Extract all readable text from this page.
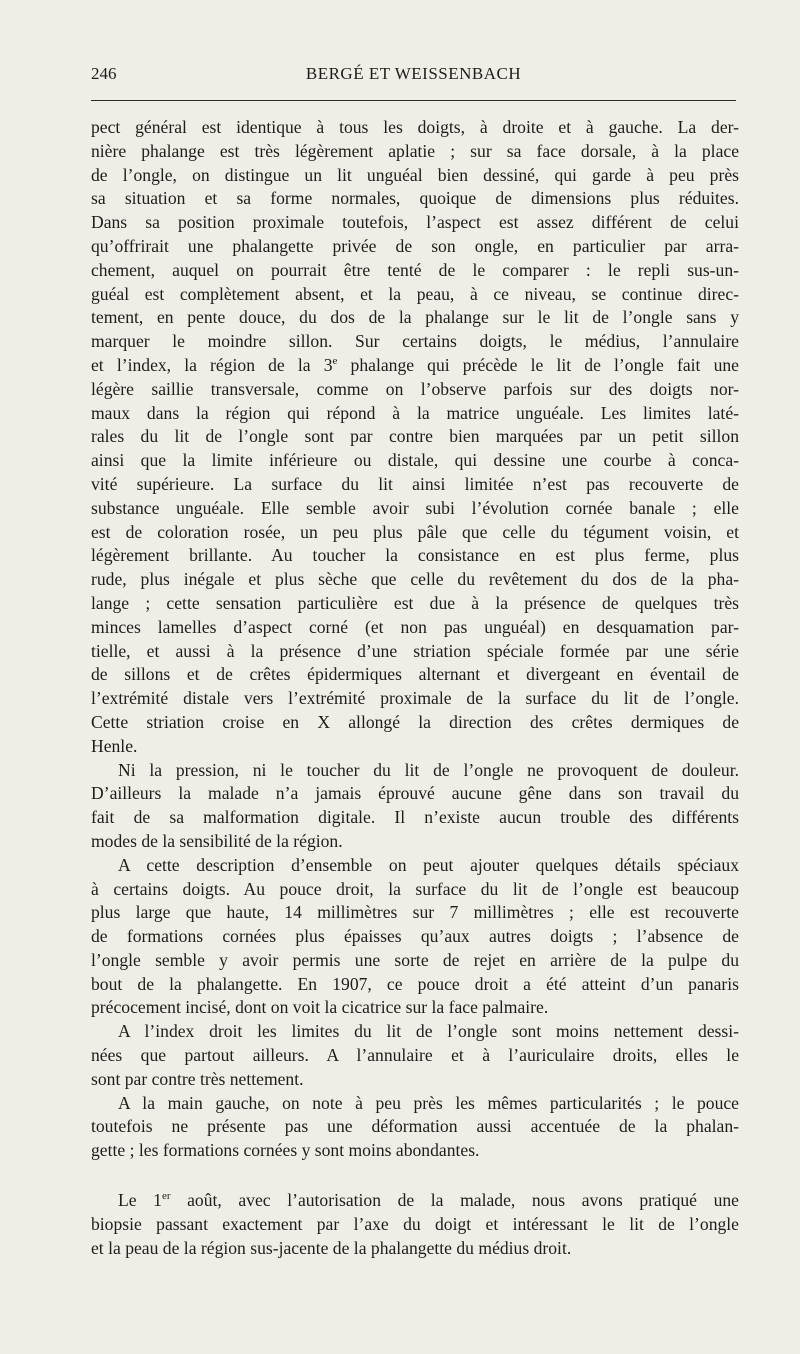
246	BERGÉ ET WEISSENBACH
pect général est identique à tous les doigts, à droite et à gauche. La der-
nière phalange est très légèrement aplatie ; sur sa face dorsale, à la place
de l’ongle, on distingue un lit unguéal bien dessiné, qui garde à peu près
sa situation et sa forme normales, quoique de dimensions plus réduites.
Dans sa position proximale toutefois, l’aspect est assez différent de celui
qu’offrirait une phalangette privée de son ongle, en particulier par arra-
chement, auquel on pourrait être tenté de le comparer : le repli sus-un-
guéal est complètement absent, et la peau, à ce niveau, se continue direc-
tement, en pente douce, du dos de la phalange sur le lit de l’ongle sans y
marquer le moindre sillon. Sur certains doigts, le médius, l’annulaire
et l’index, la région de la 3e phalange qui précède le lit de l’ongle fait une
légère saillie transversale, comme on l’observe parfois sur des doigts nor-
maux dans la région qui répond à la matrice unguéale. Les limites laté-
rales du lit de l’ongle sont par contre bien marquées par un petit sillon
ainsi que la limite inférieure ou distale, qui dessine une courbe à conca-
vité supérieure. La surface du lit ainsi limitée n’est pas recouverte de
substance unguéale. Elle semble avoir subi l’évolution cornée banale ; elle
est de coloration rosée, un peu plus pâle que celle du tégument voisin, et
légèrement brillante. Au toucher la consistance en est plus ferme, plus
rude, plus inégale et plus sèche que celle du revêtement du dos de la pha-
lange ; cette sensation particulière est due à la présence de quelques très
minces lamelles d’aspect corné (et non pas unguéal) en desquamation par-
tielle, et aussi à la présence d’une striation spéciale formée par une série
de sillons et de crêtes épidermiques alternant et divergeant en éventail de
l’extrémité distale vers l’extrémité proximale de la surface du lit de l’ongle.
Cette striation croise en X allongé la direction des crêtes dermiques de
Henle.
Ni la pression, ni le toucher du lit de l’ongle ne provoquent de douleur.
D’ailleurs la malade n’a jamais éprouvé aucune gêne dans son travail du
fait de sa malformation digitale. Il n’existe aucun trouble des différents
modes de la sensibilité de la région.
A cette description d’ensemble on peut ajouter quelques détails spéciaux
à certains doigts. Au pouce droit, la surface du lit de l’ongle est beaucoup
plus large que haute, 14 millimètres sur 7 millimètres ; elle est recouverte
de formations cornées plus épaisses qu’aux autres doigts ; l’absence de
l’ongle semble y avoir permis une sorte de rejet en arrière de la pulpe du
bout de la phalangette. En 1907, ce pouce droit a été atteint d’un panaris
précocement incisé, dont on voit la cicatrice sur la face palmaire.
A l’index droit les limites du lit de l’ongle sont moins nettement dessi-
nées que partout ailleurs. A l’annulaire et à l’auriculaire droits, elles le
sont par contre très nettement.
A la main gauche, on note à peu près les mêmes particularités ; le pouce
toutefois ne présente pas une déformation aussi accentuée de la phalan-
gette ; les formations cornées y sont moins abondantes.
Le 1er août, avec l’autorisation de la malade, nous avons pratiqué une
biopsie passant exactement par l’axe du doigt et intéressant le lit de l’ongle
et la peau de la région sus-jacente de la phalangette du médius droit.
